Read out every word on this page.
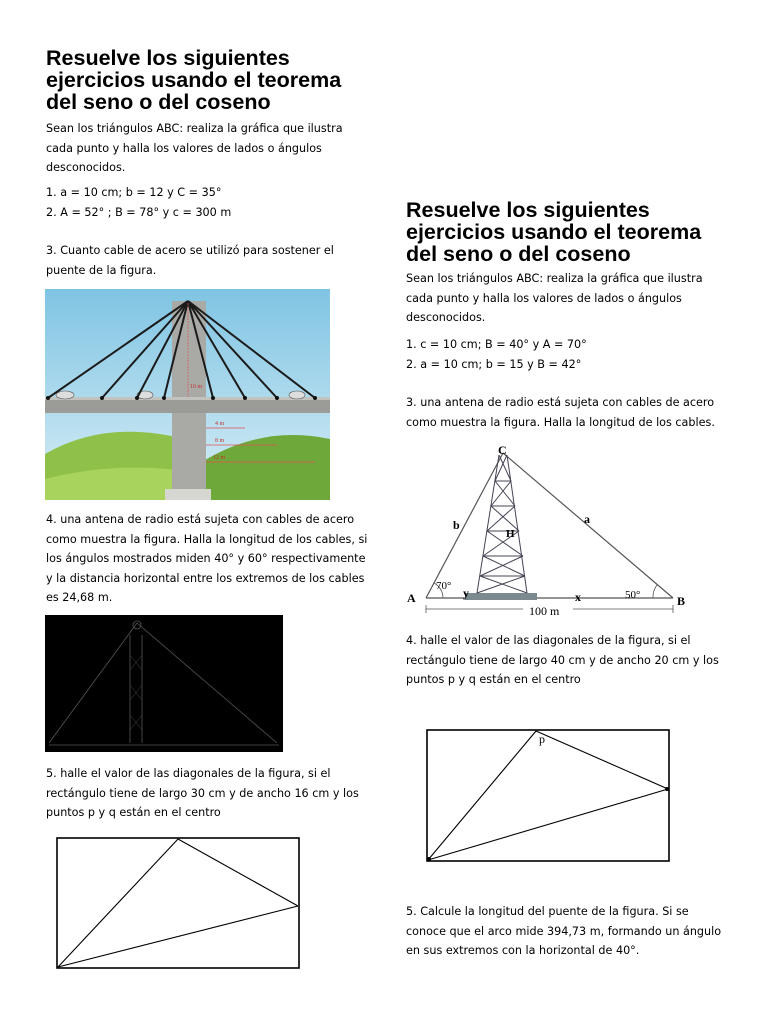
Resuelve los siguientes

ejercicios usando el teorema

del seno o del coseno

Sean los triángulos ABC: realiza la gráfica que ilustra

cada punto y halla los valores de lados o ángulos

desconocidos.

1. a = 10 cm; b = 12 y C = 35°

2. A = 52° ; B = 78° y c = 300 m

3. Cuanto cable de acero se utilizó para sostener el

puente de la figura.

10 m
4 m
8 m
12 m

4. una antena de radio está sujeta con cables de acero

como muestra la figura. Halla la longitud de los cables, si

los ángulos mostrados miden 40° y 60° respectivamente

y la distancia horizontal entre los extremos de los cables

es 24,68 m.

5. halle el valor de las diagonales de la figura, si el

rectángulo tiene de largo 30 cm y de ancho 16 cm y los

puntos p y q están en el centro

Resuelve los siguientes

ejercicios usando el teorema

del seno o del coseno

Sean los triángulos ABC: realiza la gráfica que ilustra

cada punto y halla los valores de lados o ángulos

desconocidos.

1. c = 10 cm; B = 40° y A = 70°

2. a = 10 cm; b = 15 y B = 42°

3. una antena de radio está sujeta con cables de acero

como muestra la figura. Halla la longitud de los cables.

C
A	B
a
b
H
y	x
70°
50°
100 m

4. halle el valor de las diagonales de la figura, si el

rectángulo tiene de largo 40 cm y de ancho 20 cm y los

puntos p y q están en el centro

p

5. Calcule la longitud del puente de la figura. Si se

conoce que el arco mide 394,73 m, formando un ángulo

en sus extremos con la horizontal de 40°.
